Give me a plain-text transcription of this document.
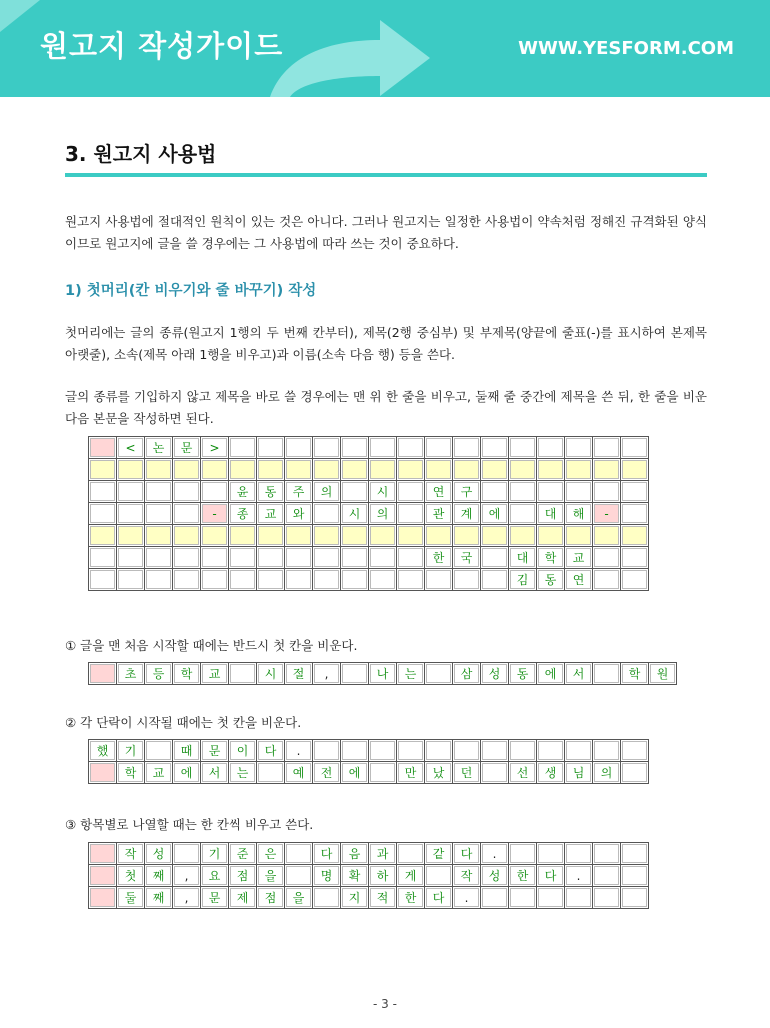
원고지 작성가이드	WWW.YESFORM.COM
3. 원고지 사용법
원고지 사용법에 절대적인 원칙이 있는 것은 아니다. 그러나 원고지는 일정한 사용법이 약속처럼 정해진 규격화된 양식이므로 원고지에 글을 쓸 경우에는 그 사용법에 따라 쓰는 것이 중요하다.
1) 첫머리(칸 비우기와 줄 바꾸기) 작성
첫머리에는 글의 종류(원고지 1행의 두 번째 칸부터), 제목(2행 중심부) 및 부제목(양끝에 줄표(-)를 표시하여 본제목 아랫줄), 소속(제목 아래 1행을 비우고)과 이름(소속 다음 행) 등을 쓴다.
글의 종류를 기입하지 않고 제목을 바로 쓸 경우에는 맨 위 한 줄을 비우고, 둘째 줄 중간에 제목을 쓴 뒤, 한 줄을 비운 다음 본문을 작성하면 된다.
	<	논	문	>															

					윤	동	주	의		시		연	구						
				-	종	교	와		시	의		관	계	에		대	해	-	

												한	국		대	학	교		
															김	동	연		
① 글을 맨 처음 시작할 때에는 반드시 첫 칸을 비운다.
	초	등	학	교		시	절	,		나	는		삼	성	동	에	서		학	원
② 각 단락이 시작될 때에는 첫 칸을 비운다.
했	기		때	문	이	다	.												
	학	교	에	서	는		예	전	에		만	났	던		선	생	님	의	
③ 항목별로 나열할 때는 한 칸씩 비우고 쓴다.
	작	성		기	준	은		다	음	과		같	다	.					
	첫	째	,	요	점	을		명	확	하	게		작	성	한	다	.		
	둘	째	,	문	제	점	을		지	적	한	다	.						
- 3 -
